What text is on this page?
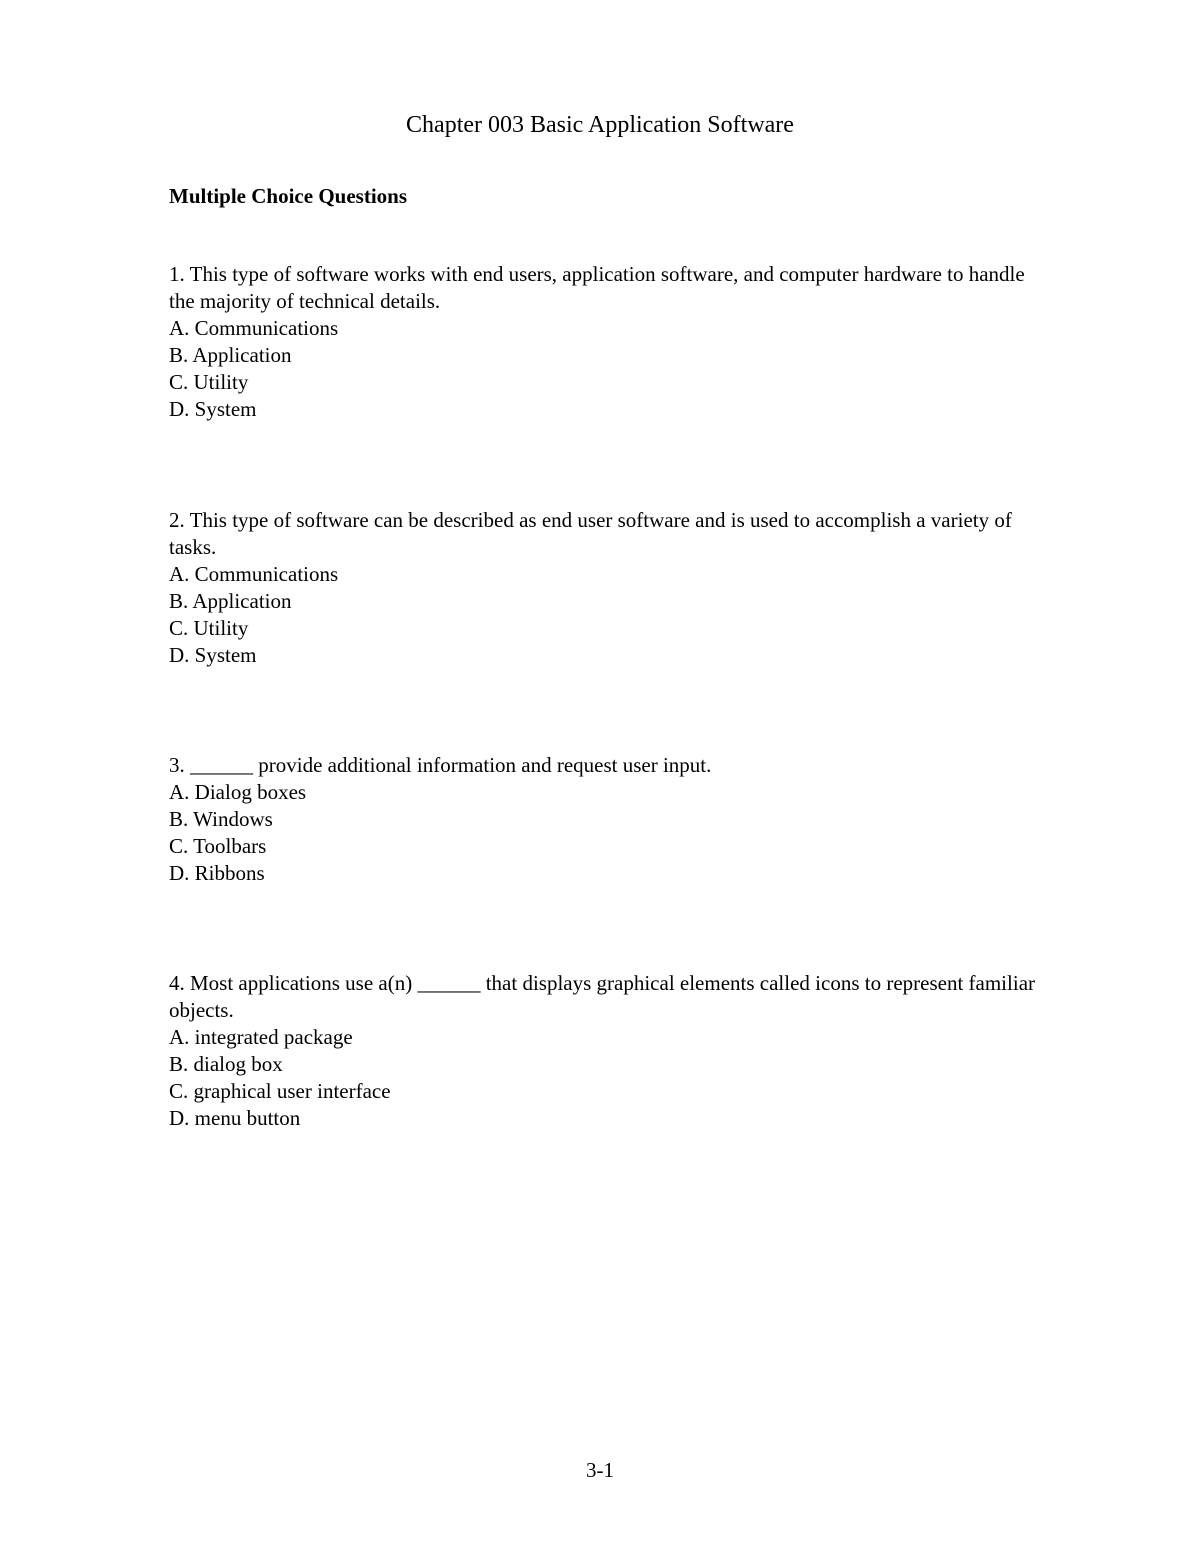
Chapter 003 Basic Application Software
Multiple Choice Questions

1. This type of software works with end users, application software, and computer hardware to handle the majority of technical details.

A. Communications
B. Application
C. Utility
D. System

2. This type of software can be described as end user software and is used to accomplish a variety of tasks.

A. Communications
B. Application
C. Utility
D. System

3. ______ provide additional information and request user input.

A. Dialog boxes
B. Windows
C. Toolbars
D. Ribbons

4. Most applications use a(n) ______ that displays graphical elements called icons to represent familiar objects.

A. integrated package
B. dialog box
C. graphical user interface
D. menu button
3-1
